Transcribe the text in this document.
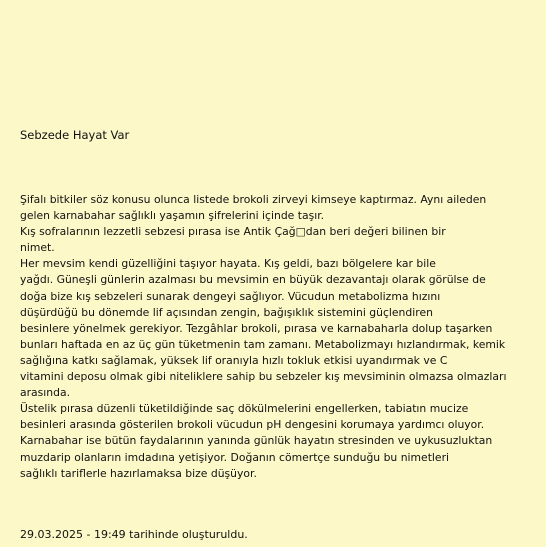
Sebzede Hayat Var
Şifalı bitkiler söz konusu olunca listede brokoli zirveyi kimseye kaptırmaz. Aynı aileden
gelen karnabahar sağlıklı yaşamın şifrelerini içinde taşır.
Kış sofralarının lezzetli sebzesi pırasa ise Antik Çağ□dan beri değeri bilinen bir
nimet.
Her mevsim kendi güzelliğini taşıyor hayata. Kış geldi, bazı bölgelere kar bile
yağdı. Güneşli günlerin azalması bu mevsimin en büyük dezavantajı olarak görülse de
doğa bize kış sebzeleri sunarak dengeyi sağlıyor. Vücudun metabolizma hızını
düşürdüğü bu dönemde lif açısından zengin, bağışıklık sistemini güçlendiren
besinlere yönelmek gerekiyor. Tezgâhlar brokoli, pırasa ve karnabaharla dolup taşarken
bunları haftada en az üç gün tüketmenin tam zamanı. Metabolizmayı hızlandırmak, kemik
sağlığına katkı sağlamak, yüksek lif oranıyla hızlı tokluk etkisi uyandırmak ve C
vitamini deposu olmak gibi niteliklere sahip bu sebzeler kış mevsiminin olmazsa olmazları
arasında.
Üstelik pırasa düzenli tüketildiğinde saç dökülmelerini engellerken, tabiatın mucize
besinleri arasında gösterilen brokoli vücudun pH dengesini korumaya yardımcı oluyor.
Karnabahar ise bütün faydalarının yanında günlük hayatın stresinden ve uykusuzluktan
muzdarip olanların imdadına yetişiyor. Doğanın cömertçe sunduğu bu nimetleri
sağlıklı tariflerle hazırlamaksa bize düşüyor.
29.03.2025 - 19:49 tarihinde oluşturuldu.
